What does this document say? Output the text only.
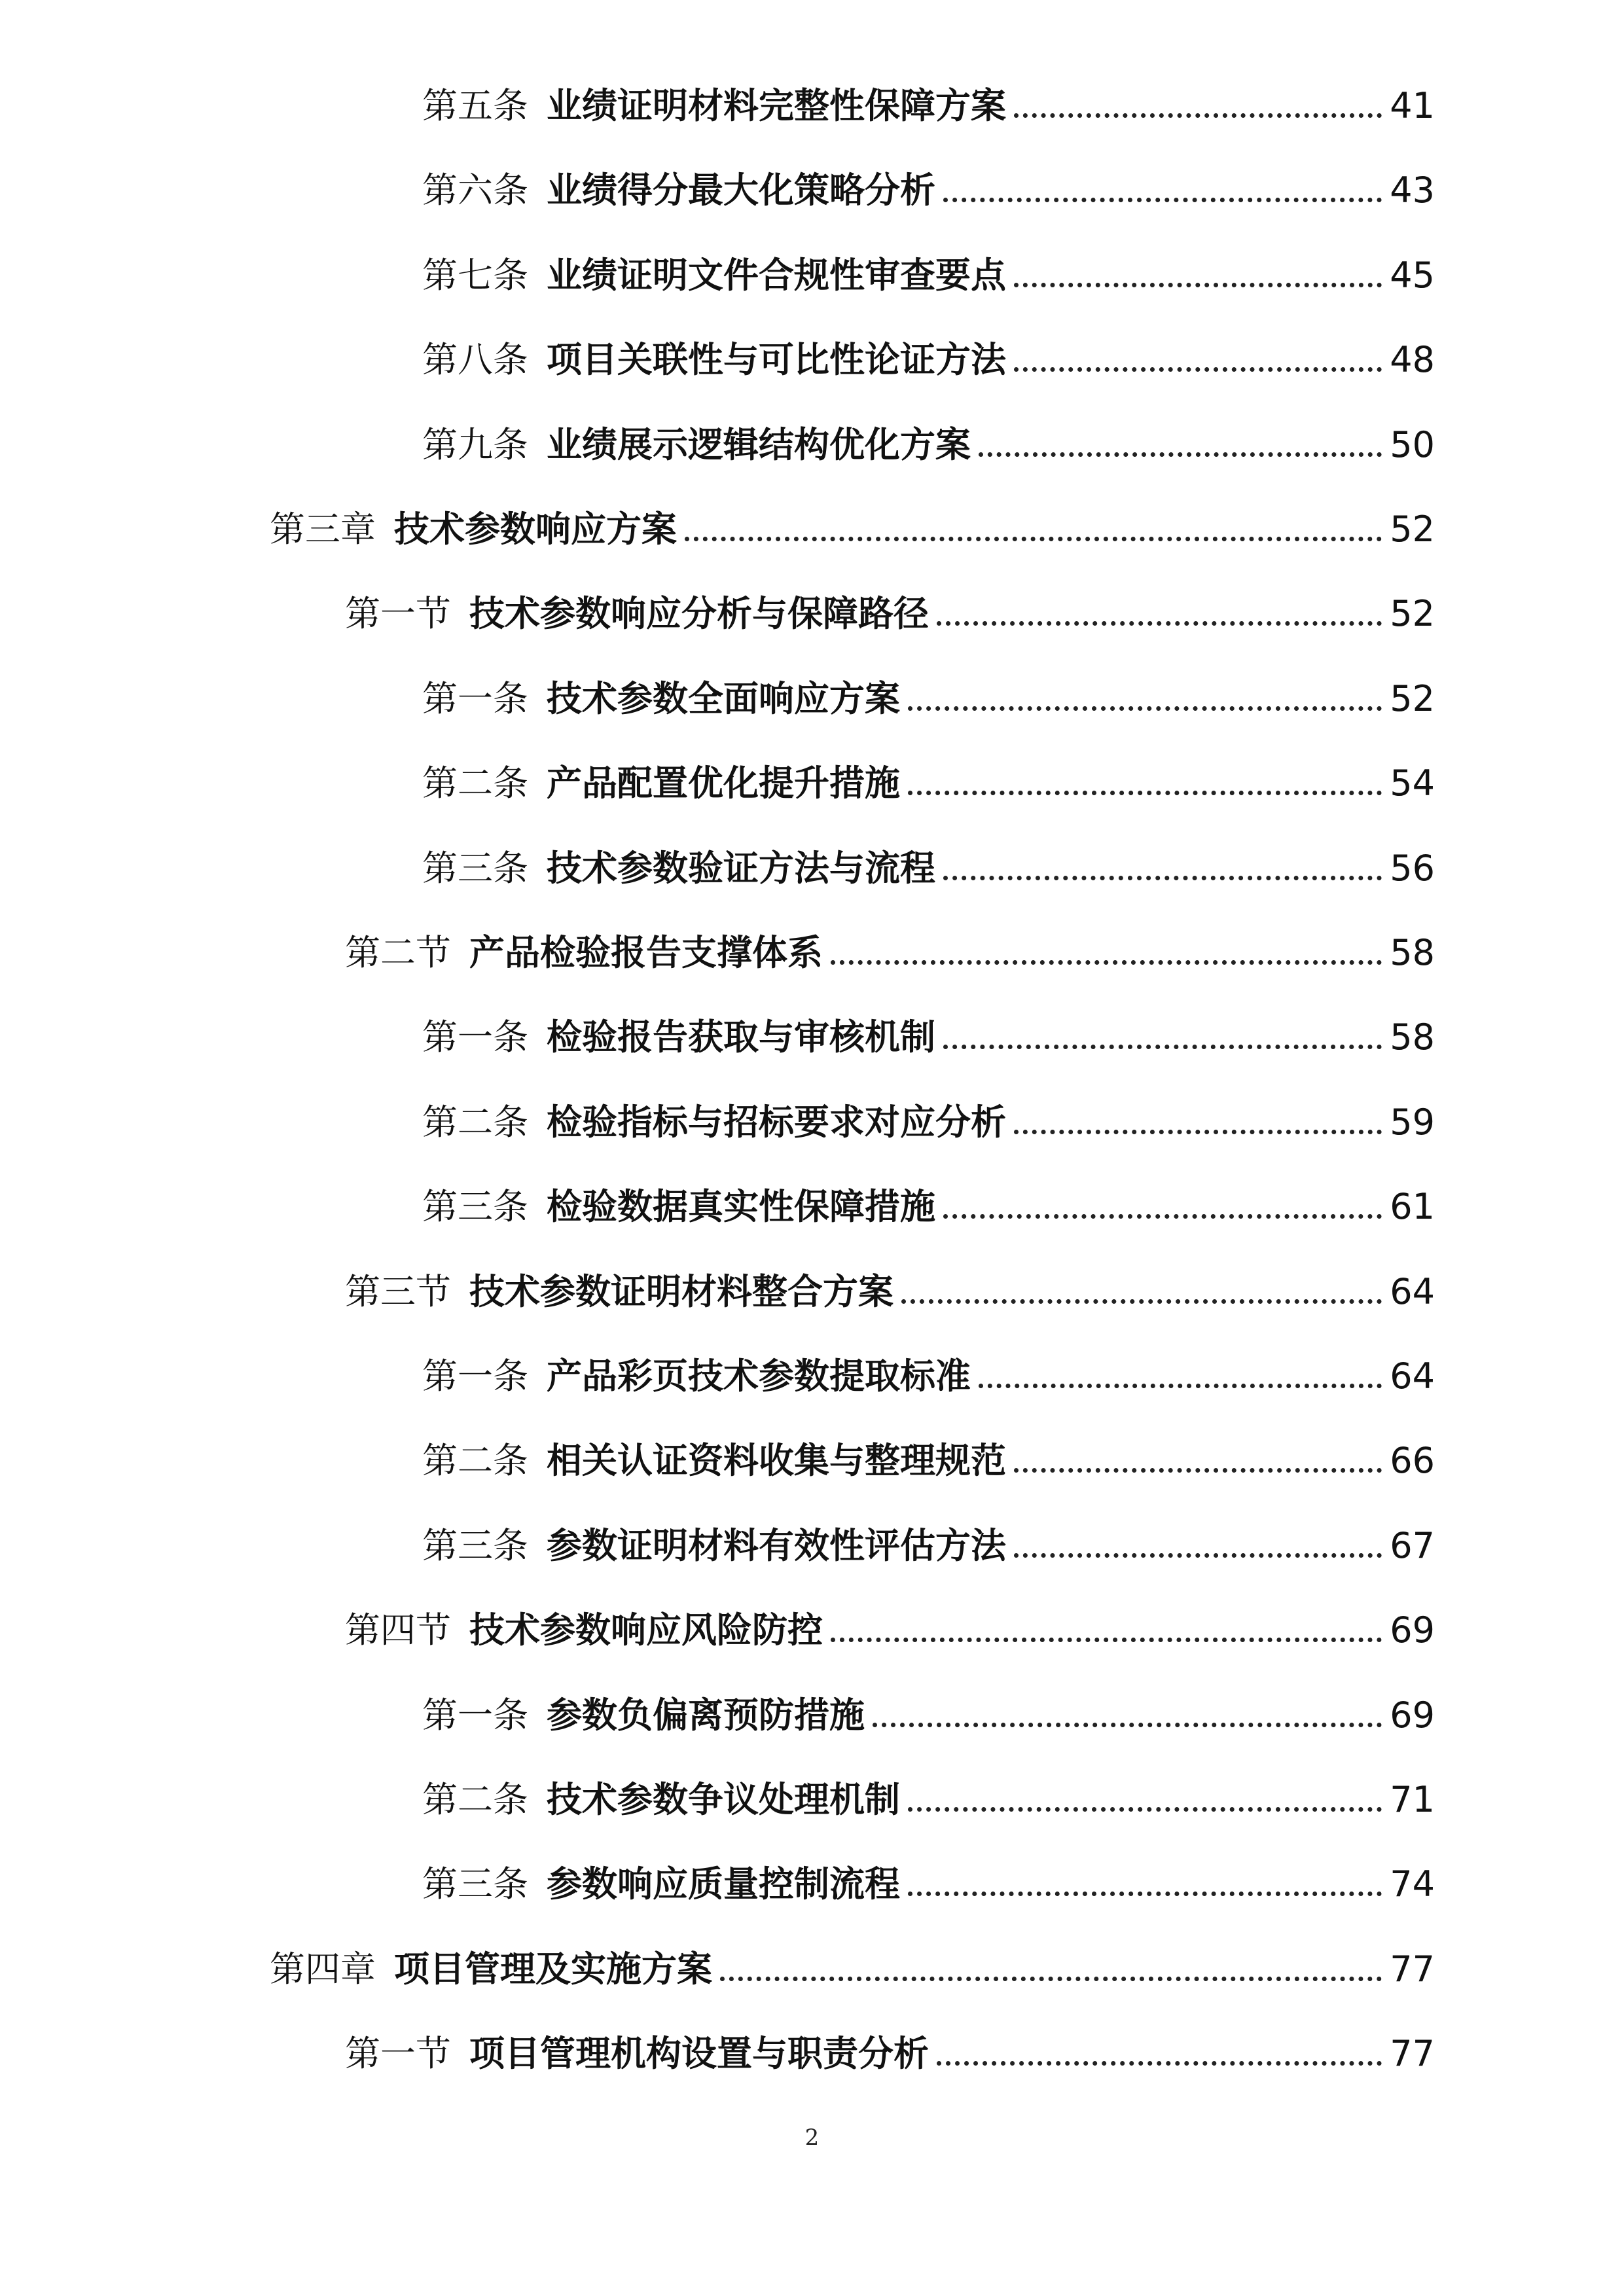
第五条 业绩证明材料完整性保障方案	41
第六条 业绩得分最大化策略分析	43
第七条 业绩证明文件合规性审查要点	45
第八条 项目关联性与可比性论证方法	48
第九条 业绩展示逻辑结构优化方案	50
第三章 技术参数响应方案	52
第一节 技术参数响应分析与保障路径	52
第一条 技术参数全面响应方案	52
第二条 产品配置优化提升措施	54
第三条 技术参数验证方法与流程	56
第二节 产品检验报告支撑体系	58
第一条 检验报告获取与审核机制	58
第二条 检验指标与招标要求对应分析	59
第三条 检验数据真实性保障措施	61
第三节 技术参数证明材料整合方案	64
第一条 产品彩页技术参数提取标准	64
第二条 相关认证资料收集与整理规范	66
第三条 参数证明材料有效性评估方法	67
第四节 技术参数响应风险防控	69
第一条 参数负偏离预防措施	69
第二条 技术参数争议处理机制	71
第三条 参数响应质量控制流程	74
第四章 项目管理及实施方案	77
第一节 项目管理机构设置与职责分析	77
2
